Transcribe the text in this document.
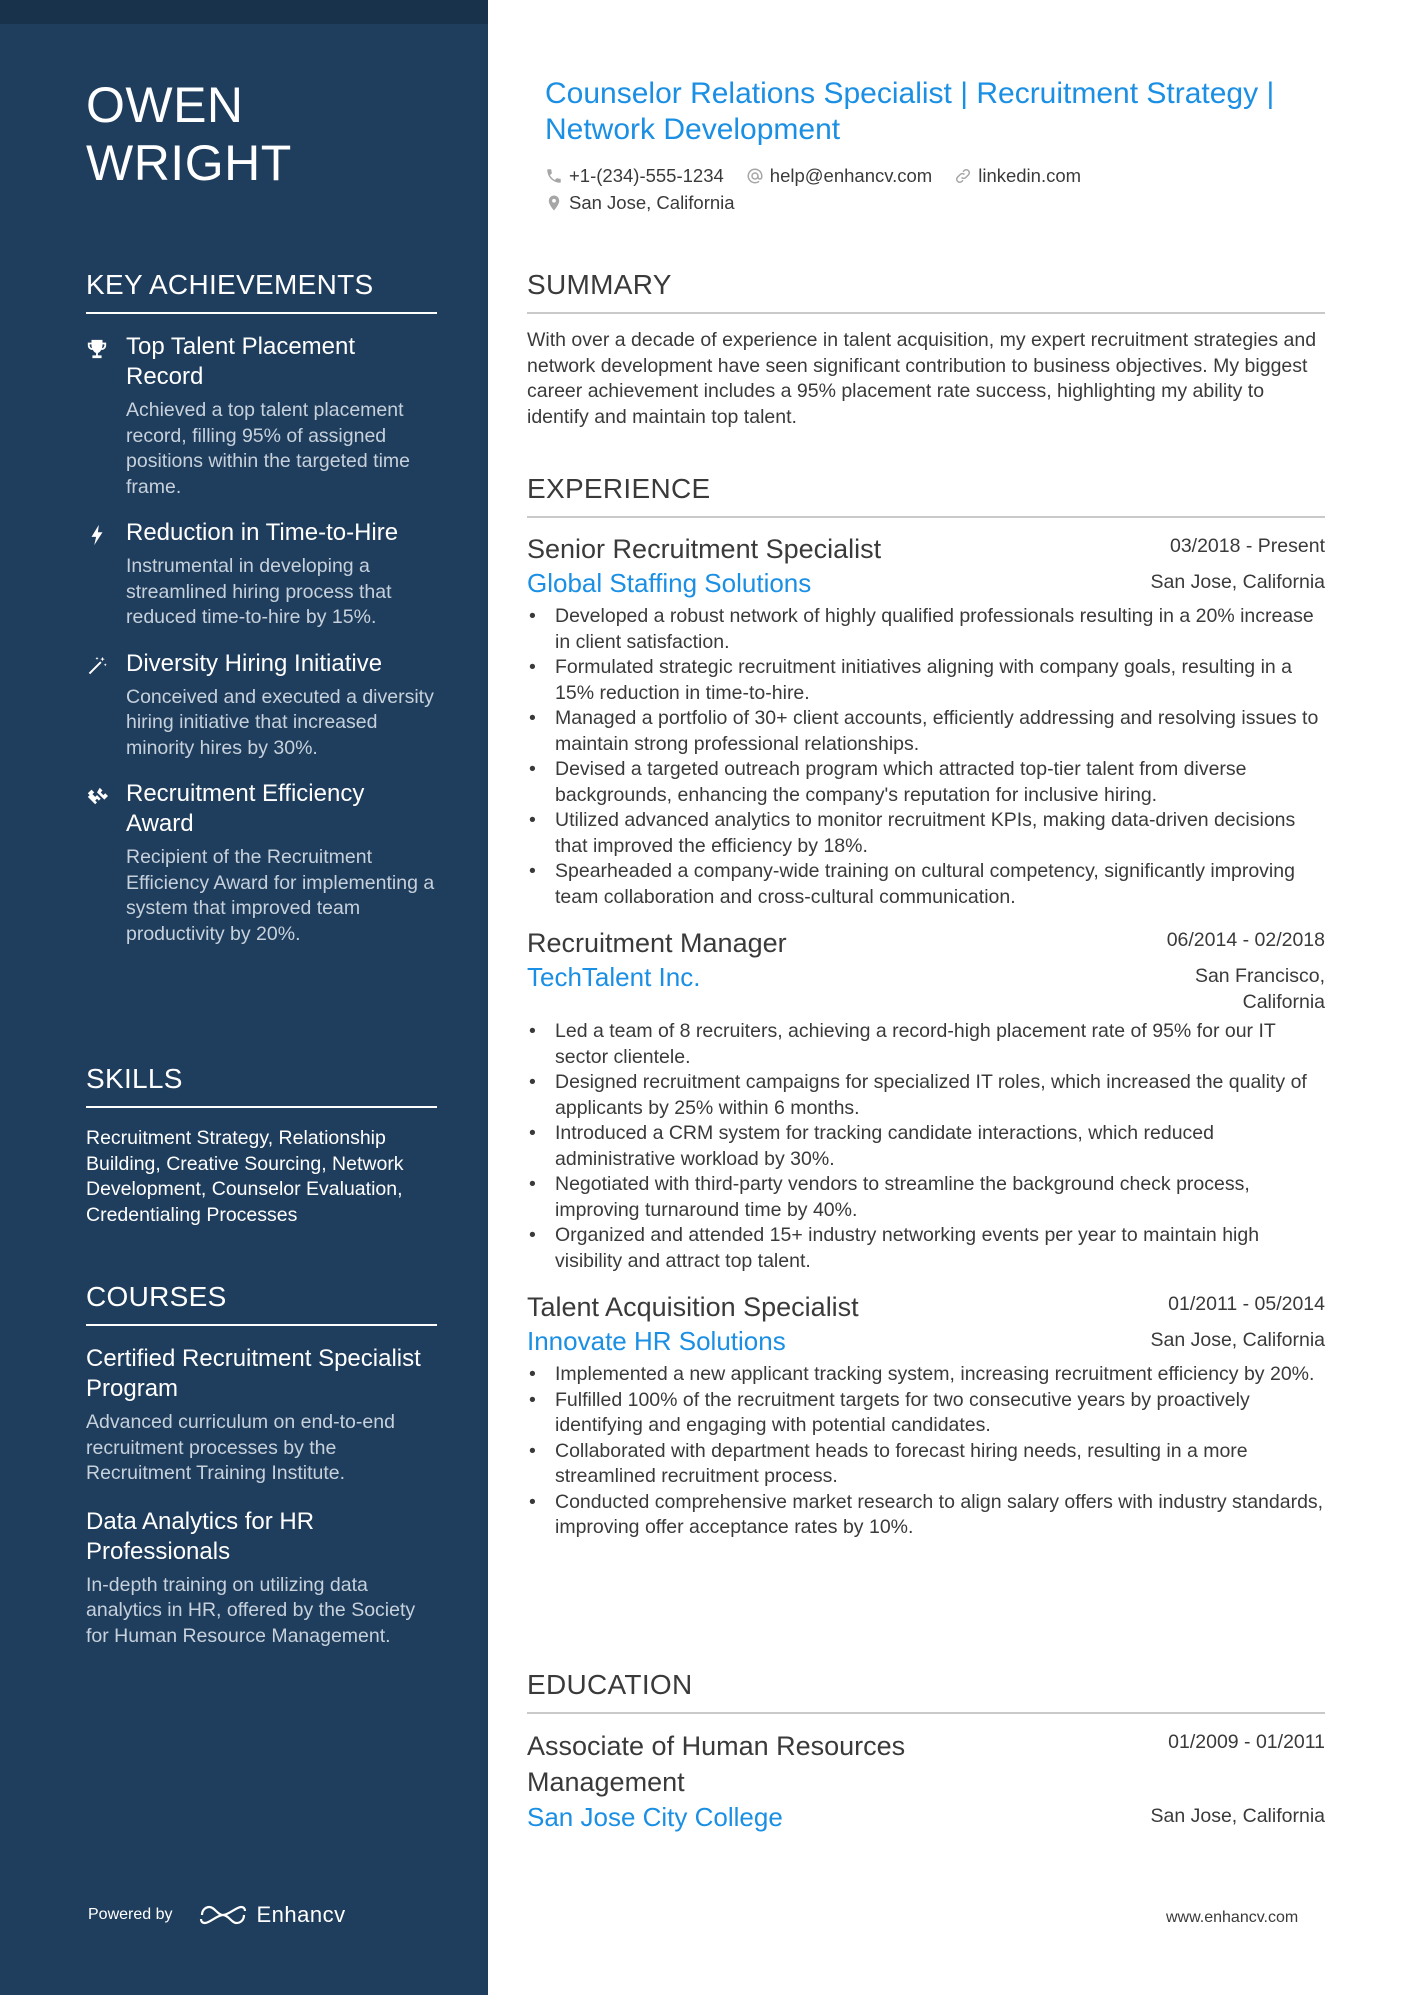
OWEN
WRIGHT
KEY ACHIEVEMENTS
Top Talent Placement Record
Achieved a top talent placement record, filling 95% of assigned positions within the targeted time frame.
Reduction in Time-to-Hire
Instrumental in developing a streamlined hiring process that reduced time-to-hire by 15%.
Diversity Hiring Initiative
Conceived and executed a diversity hiring initiative that increased minority hires by 30%.
Recruitment Efficiency Award
Recipient of the Recruitment Efficiency Award for implementing a system that improved team productivity by 20%.
SKILLS
Recruitment Strategy, Relationship Building, Creative Sourcing, Network Development, Counselor Evaluation, Credentialing Processes
COURSES
Certified Recruitment Specialist Program
Advanced curriculum on end-to-end recruitment processes by the Recruitment Training Institute.
Data Analytics for HR Professionals
In-depth training on utilizing data analytics in HR, offered by the Society for Human Resource Management.
Powered by	Enhancv
Counselor Relations Specialist | Recruitment Strategy | Network Development
+1-(234)-555-1234 help@enhancv.com linkedin.com
San Jose, California
SUMMARY
With over a decade of experience in talent acquisition, my expert recruitment strategies and network development have seen significant contribution to business objectives. My biggest career achievement includes a 95% placement rate success, highlighting my ability to identify and maintain top talent.
EXPERIENCE
Senior Recruitment Specialist	03/2018 - Present
Global Staffing Solutions	San Jose, California
• Developed a robust network of highly qualified professionals resulting in a 20% increase in client satisfaction.
• Formulated strategic recruitment initiatives aligning with company goals, resulting in a 15% reduction in time-to-hire.
• Managed a portfolio of 30+ client accounts, efficiently addressing and resolving issues to maintain strong professional relationships.
• Devised a targeted outreach program which attracted top-tier talent from diverse backgrounds, enhancing the company's reputation for inclusive hiring.
• Utilized advanced analytics to monitor recruitment KPIs, making data-driven decisions that improved the efficiency by 18%.
• Spearheaded a company-wide training on cultural competency, significantly improving team collaboration and cross-cultural communication.
Recruitment Manager	06/2014 - 02/2018
TechTalent Inc.	San Francisco, California
• Led a team of 8 recruiters, achieving a record-high placement rate of 95% for our IT sector clientele.
• Designed recruitment campaigns for specialized IT roles, which increased the quality of applicants by 25% within 6 months.
• Introduced a CRM system for tracking candidate interactions, which reduced administrative workload by 30%.
• Negotiated with third-party vendors to streamline the background check process, improving turnaround time by 40%.
• Organized and attended 15+ industry networking events per year to maintain high visibility and attract top talent.
Talent Acquisition Specialist	01/2011 - 05/2014
Innovate HR Solutions	San Jose, California
• Implemented a new applicant tracking system, increasing recruitment efficiency by 20%.
• Fulfilled 100% of the recruitment targets for two consecutive years by proactively identifying and engaging with potential candidates.
• Collaborated with department heads to forecast hiring needs, resulting in a more streamlined recruitment process.
• Conducted comprehensive market research to align salary offers with industry standards, improving offer acceptance rates by 10%.
EDUCATION
Associate of Human Resources Management
01/2009 - 01/2011
San Jose City College	San Jose, California
www.enhancv.com
